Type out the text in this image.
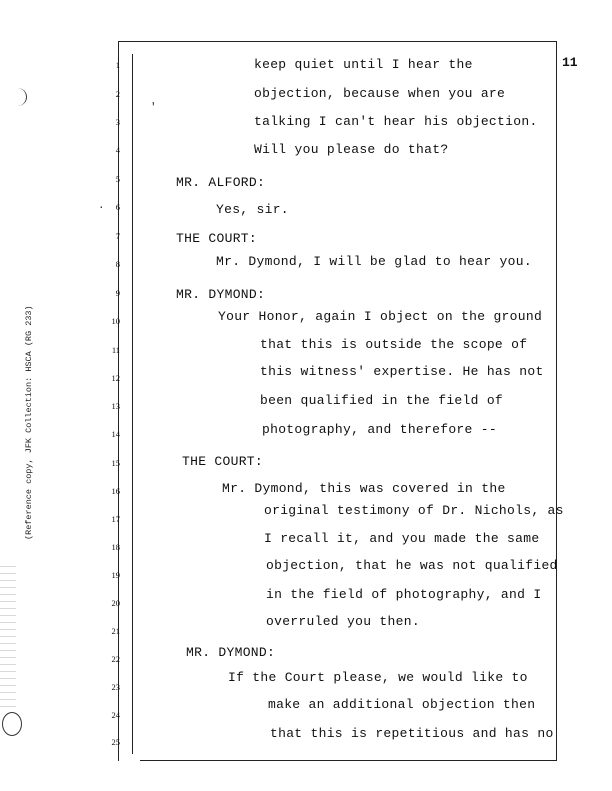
.
'
11
(Reference copy, JFK Collection: HSCA (RG 233)
1
2
3
4
5
6
7
8
9
10
11
12
13
14
15
16
17
18
19
20
21
22
23
24
25
keep quiet until I hear the
objection, because when you are
talking I can't hear his objection.
Will you please do that?
MR. ALFORD:
Yes, sir.
THE COURT:
Mr. Dymond, I will be glad to hear you.
MR. DYMOND:
Your Honor, again I object on the ground
that this is outside the scope of
this witness' expertise. He has not
been qualified in the field of
photography, and therefore --
THE COURT:
Mr. Dymond, this was covered in the
original testimony of Dr. Nichols, as
I recall it, and you made the same
objection, that he was not qualified
in the field of photography, and I
overruled you then.
MR. DYMOND:
If the Court please, we would like to
make an additional objection then
that this is repetitious and has no
